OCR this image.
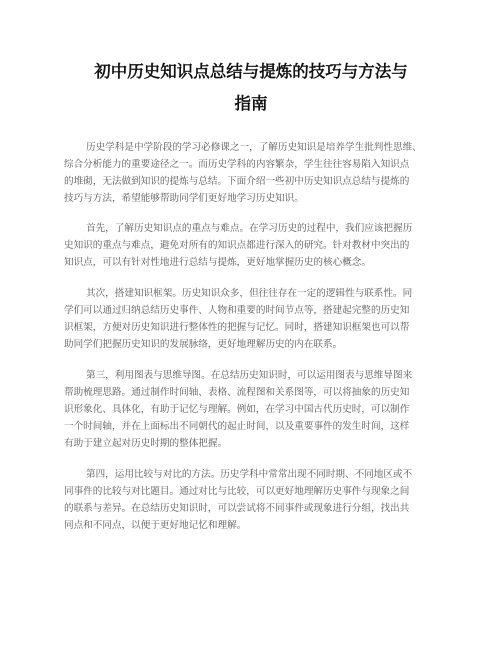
初中历史知识点总结与提炼的技巧与方法与
指南
历史学科是中学阶段的学习必修课之一，了解历史知识是培养学生批判性思维、
综合分析能力的重要途径之一。而历史学科的内容繁杂，学生往往容易陷入知识点
的堆砌，无法做到知识的提炼与总结。下面介绍一些初中历史知识点总结与提炼的
技巧与方法，希望能够帮助同学们更好地学习历史知识。
首先，了解历史知识点的重点与难点。在学习历史的过程中，我们应该把握历
史知识的重点与难点，避免对所有的知识点都进行深入的研究。针对教材中突出的
知识点，可以有针对性地进行总结与提炼，更好地掌握历史的核心概念。
其次，搭建知识框架。历史知识众多，但往往存在一定的逻辑性与联系性。同
学们可以通过归纳总结历史事件、人物和重要的时间节点等，搭建起完整的历史知
识框架，方便对历史知识进行整体性的把握与记忆。同时，搭建知识框架也可以帮
助同学们把握历史知识的发展脉络，更好地理解历史的内在联系。
第三，利用图表与思维导图。在总结历史知识时，可以运用图表与思维导图来
帮助梳理思路。通过制作时间轴、表格、流程图和关系图等，可以将抽象的历史知
识形象化、具体化，有助于记忆与理解。例如，在学习中国古代历史时，可以制作
一个时间轴，并在上面标出不同朝代的起止时间，以及重要事件的发生时间，这样
有助于建立起对历史时期的整体把握。
第四，运用比较与对比的方法。历史学科中常常出现不同时期、不同地区或不
同事件的比较与对比题目。通过对比与比较，可以更好地理解历史事件与现象之间
的联系与差异。在总结历史知识时，可以尝试将不同事件或现象进行分组，找出共
同点和不同点，以便于更好地记忆和理解。
